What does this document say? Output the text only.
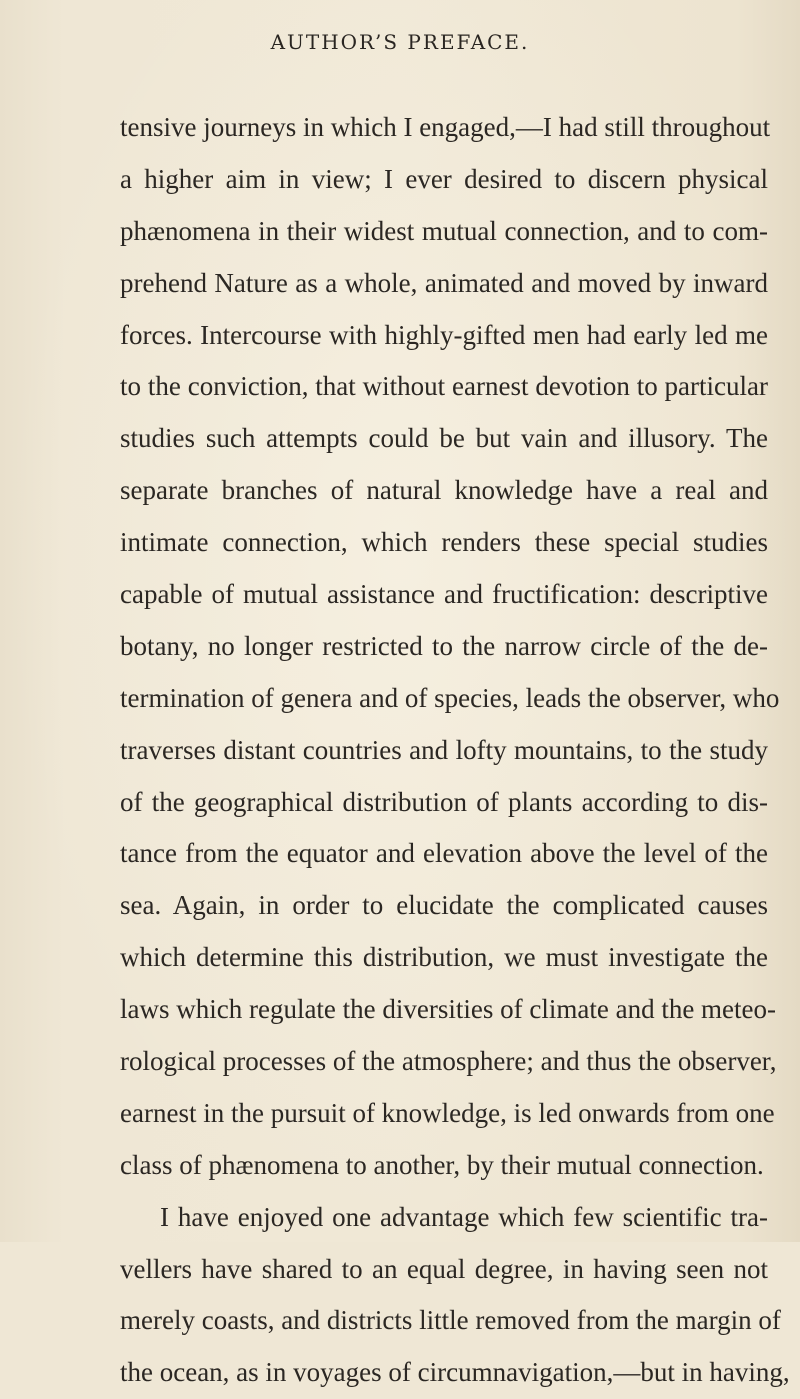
AUTHOR’S PREFACE.
tensive journeys in which I engaged,—I had still throughout
a higher aim in view; I ever desired to discern physical
phænomena in their widest mutual connection, and to com-
prehend Nature as a whole, animated and moved by inward
forces. Intercourse with highly-gifted men had early led me
to the conviction, that without earnest devotion to particular
studies such attempts could be but vain and illusory. The
separate branches of natural knowledge have a real and
intimate connection, which renders these special studies
capable of mutual assistance and fructification: descriptive
botany, no longer restricted to the narrow circle of the de-
termination of genera and of species, leads the observer, who
traverses distant countries and lofty mountains, to the study
of the geographical distribution of plants according to dis-
tance from the equator and elevation above the level of the
sea. Again, in order to elucidate the complicated causes
which determine this distribution, we must investigate the
laws which regulate the diversities of climate and the meteo-
rological processes of the atmosphere; and thus the observer,
earnest in the pursuit of knowledge, is led onwards from one
class of phænomena to another, by their mutual connection.
I have enjoyed one advantage which few scientific tra-
vellers have shared to an equal degree, in having seen not
merely coasts, and districts little removed from the margin of
the ocean, as in voyages of circumnavigation,—but in having,
